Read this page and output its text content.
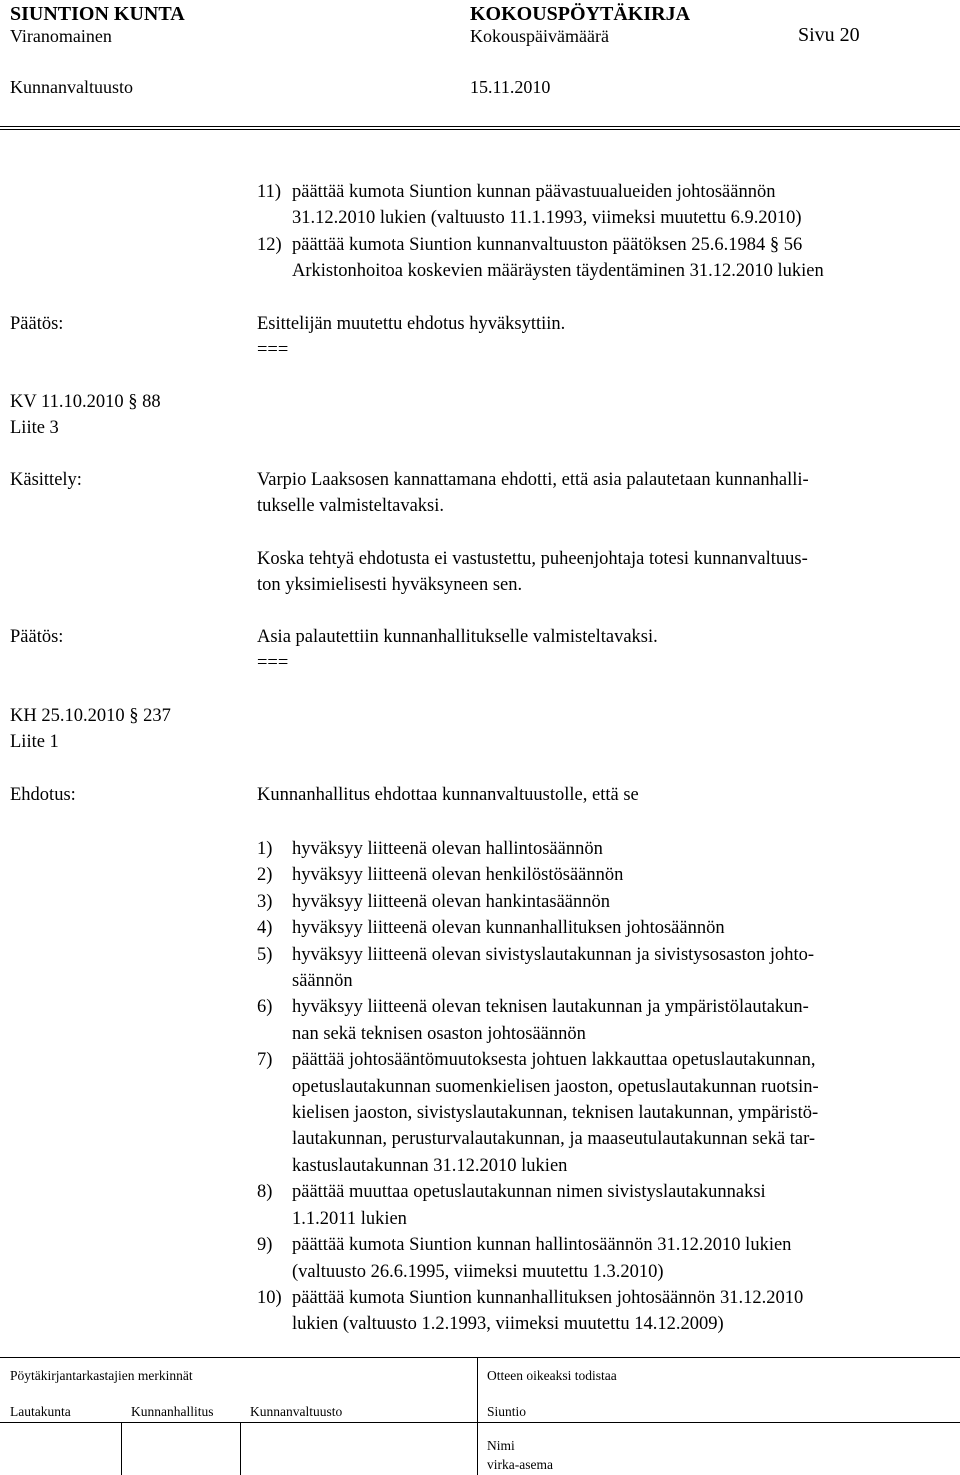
SIUNTION KUNTA	KOKOUSPÖYTÄKIRJA
Viranomainen	Kokouspäivämäärä	Sivu 20
Kunnanvaltuusto	15.11.2010
11) päättää kumota Siuntion kunnan päävastuualueiden johtosäännön
31.12.2010 lukien (valtuusto 11.1.1993, viimeksi muutettu 6.9.2010)
12) päättää kumota Siuntion kunnanvaltuuston päätöksen 25.6.1984 § 56
Arkistonhoitoa koskevien määräysten täydentäminen 31.12.2010 lukien
Päätös:	Esittelijän muutettu ehdotus hyväksyttiin.
===
KV 11.10.2010 § 88
Liite 3
Käsittely:	Varpio Laaksosen kannattamana ehdotti, että asia palautetaan kunnanhalli-
tukselle valmisteltavaksi.
Koska tehtyä ehdotusta ei vastustettu, puheenjohtaja totesi kunnanvaltuus-
ton yksimielisesti hyväksyneen sen.
Päätös:	Asia palautettiin kunnanhallitukselle valmisteltavaksi.
===
KH 25.10.2010 § 237
Liite 1
Ehdotus:	Kunnanhallitus ehdottaa kunnanvaltuustolle, että se
1) hyväksyy liitteenä olevan hallintosäännön
2) hyväksyy liitteenä olevan henkilöstösäännön
3) hyväksyy liitteenä olevan hankintasäännön
4) hyväksyy liitteenä olevan kunnanhallituksen johtosäännön
5) hyväksyy liitteenä olevan sivistyslautakunnan ja sivistysosaston johto-
säännön
6) hyväksyy liitteenä olevan teknisen lautakunnan ja ympäristölautakun-
nan sekä teknisen osaston johtosäännön
7) päättää johtosääntömuutoksesta johtuen lakkauttaa opetuslautakunnan,
opetuslautakunnan suomenkielisen jaoston, opetuslautakunnan ruotsin-
kielisen jaoston, sivistyslautakunnan, teknisen lautakunnan, ympäristö-
lautakunnan, perusturvalautakunnan, ja maaseutulautakunnan sekä tar-
kastuslautakunnan 31.12.2010 lukien
8) päättää muuttaa opetuslautakunnan nimen sivistyslautakunnaksi
1.1.2011 lukien
9) päättää kumota Siuntion kunnan hallintosäännön 31.12.2010 lukien
(valtuusto 26.6.1995, viimeksi muutettu 1.3.2010)
10) päättää kumota Siuntion kunnanhallituksen johtosäännön 31.12.2010
lukien (valtuusto 1.2.1993, viimeksi muutettu 14.12.2009)
Pöytäkirjantarkastajien merkinnät	Otteen oikeaksi todistaa
Lautakunta	Kunnanhallitus	Kunnanvaltuusto	Siuntio
Nimi
virka-asema
